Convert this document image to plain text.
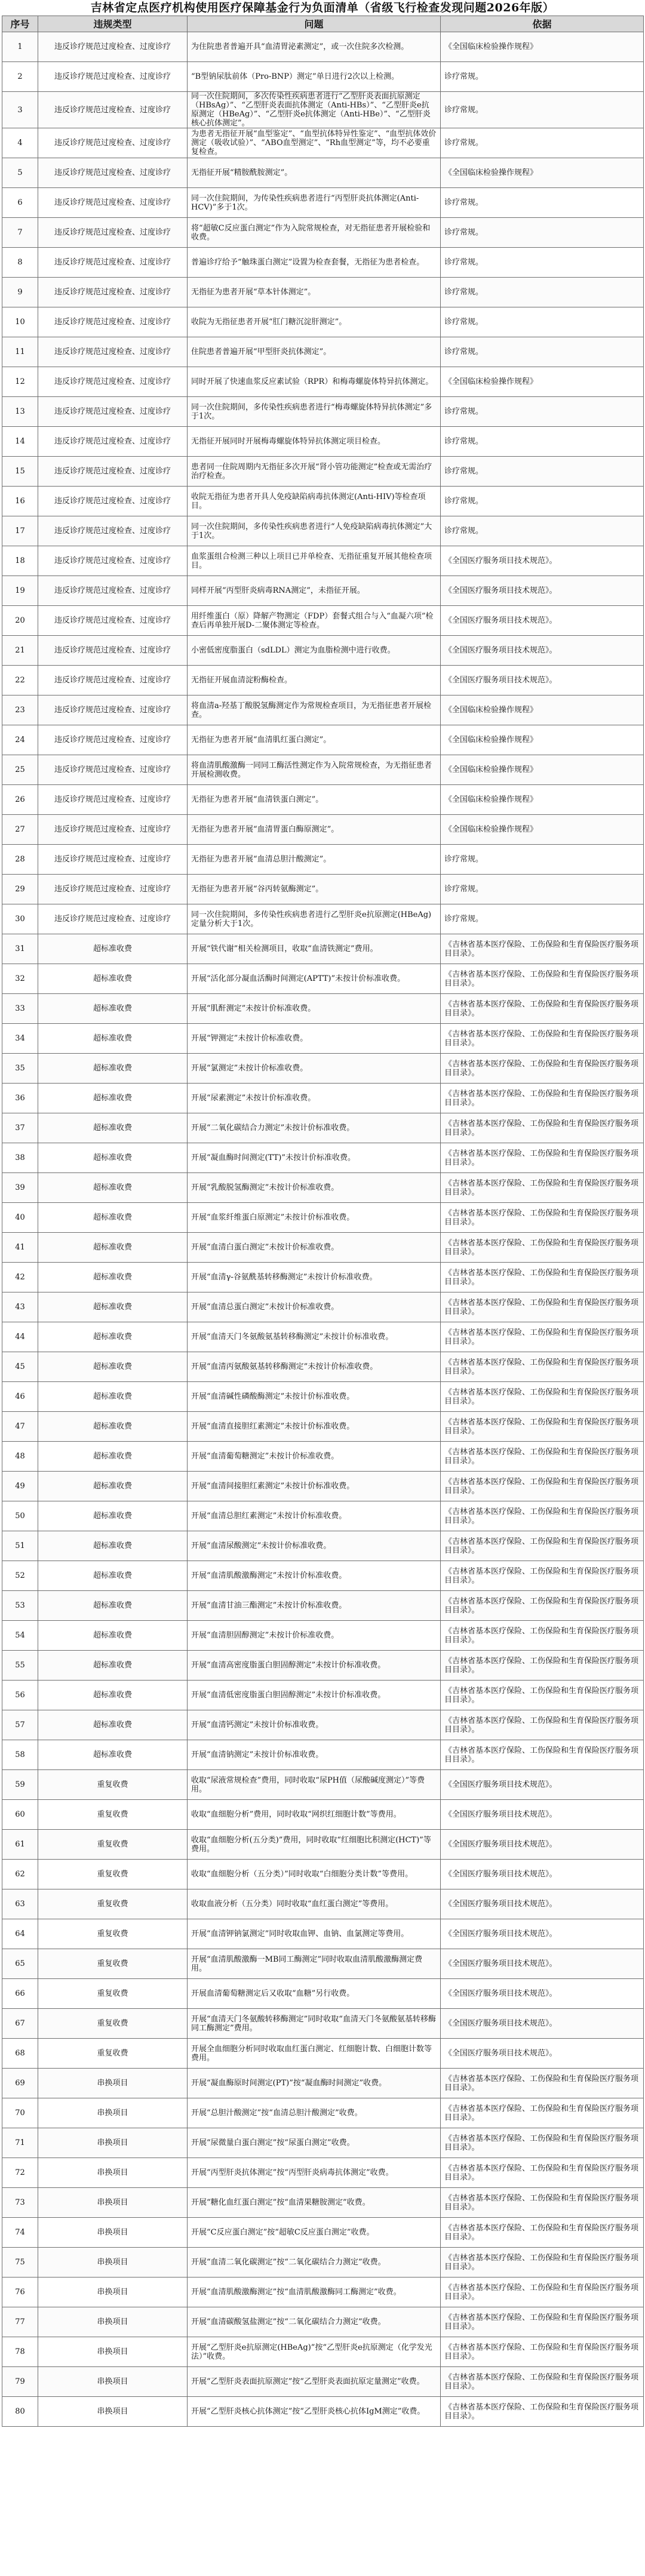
吉林省定点医疗机构使用医疗保障基金行为负面清单（省级飞行检查发现问题2026年版）
序号	违规类型	问题	依据
1	违反诊疗规范过度检查、过度诊疗	为住院患者普遍开具“血清胃泌素测定”，或一次住院多次检测。	《全国临床检验操作规程》
2	违反诊疗规范过度检查、过度诊疗	“B型钠尿肽前体（Pro-BNP）测定”单日进行2次以上检测。	诊疗常规。
3	违反诊疗规范过度检查、过度诊疗	同一次住院期间，多次传染性疾病患者进行“乙型肝炎表面抗原测定（HBsAg）”、“乙型肝炎表面抗体测定（Anti-HBs）”、“乙型肝炎e抗原测定（HBeAg）”、“乙型肝炎e抗体测定（Anti-HBe）”、“乙型肝炎核心抗体测定”。	诊疗常规。
4	违反诊疗规范过度检查、过度诊疗	为患者无指征开展“血型鉴定”、“血型抗体特异性鉴定”、“血型抗体效价测定（吸收试验）”、“ABO血型测定”、“Rh血型测定”等，均不必要重复检查。	诊疗常规。
5	违反诊疗规范过度检查、过度诊疗	无指征开展“精胺酰胺测定”。	《全国临床检验操作规程》
6	违反诊疗规范过度检查、过度诊疗	同一次住院期间，为传染性疾病患者进行“丙型肝炎抗体测定(Anti-HCV)”多于1次。	诊疗常规。
7	违反诊疗规范过度检查、过度诊疗	将“超敏C反应蛋白测定”作为入院常规检查，对无指征患者开展检验和收费。	诊疗常规。
8	违反诊疗规范过度检查、过度诊疗	普遍诊疗给予“触珠蛋白测定”设置为检查套餐，无指征为患者检查。	诊疗常规。
9	违反诊疗规范过度检查、过度诊疗	无指征为患者开展“草本针体测定”。	诊疗常规。
10	违反诊疗规范过度检查、过度诊疗	收院为无指征患者开展“肛门糖沉淀肝测定”。	诊疗常规。
11	违反诊疗规范过度检查、过度诊疗	住院患者普遍开展“甲型肝炎抗体测定”。	诊疗常规。
12	违反诊疗规范过度检查、过度诊疗	同时开展了快速血浆反应素试验（RPR）和梅毒螺旋体特异抗体测定。	《全国临床检验操作规程》
13	违反诊疗规范过度检查、过度诊疗	同一次住院期间，多传染性疾病患者进行“梅毒螺旋体特异抗体测定”多于1次。	诊疗常规。
14	违反诊疗规范过度检查、过度诊疗	无指征开展同时开展梅毒螺旋体特异抗体测定项目检查。	诊疗常规。
15	违反诊疗规范过度检查、过度诊疗	患者同一住院周期内无指征多次开展“肾小管功能测定”检查或无需治疗治疗检查。	诊疗常规。
16	违反诊疗规范过度检查、过度诊疗	收院无指征为患者开具人免疫缺陷病毒抗体测定(Anti-HIV)等检查项目。	诊疗常规。
17	违反诊疗规范过度检查、过度诊疗	同一次住院期间，多传染性疾病患者进行“人免疫缺陷病毒抗体测定”大于1次。	诊疗常规。
18	违反诊疗规范过度检查、过度诊疗	血浆蛋组合检测三种以上项目已并单检查、无指征重复开展其他检查项目。	《全国医疗服务项目技术规范》。
19	违反诊疗规范过度检查、过度诊疗	同样开展“丙型肝炎病毒RNA测定”，未指征开展。	《全国医疗服务项目技术规范》。
20	违反诊疗规范过度检查、过度诊疗	用纤维蛋白（原）降解产物测定（FDP）套餐式组合与入“血凝六项”检查后再单独开展D-二聚体测定等检查。	《全国医疗服务项目技术规范》。
21	违反诊疗规范过度检查、过度诊疗	小密低密度脂蛋白（sdLDL）测定为血脂检测中进行收费。	《全国医疗服务项目技术规范》。
22	违反诊疗规范过度检查、过度诊疗	无指征开展血清淀粉酶检查。	《全国医疗服务项目技术规范》。
23	违反诊疗规范过度检查、过度诊疗	将血清a-羟基丁酸脱氢酶测定作为常规检查项目，为无指征患者开展检查。	《全国临床检验操作规程》
24	违反诊疗规范过度检查、过度诊疗	无指征为患者开展“血清肌红蛋白测定”。	《全国临床检验操作规程》
25	违反诊疗规范过度检查、过度诊疗	将血清肌酸激酶一同同工酶活性测定作为入院常规检查，为无指征患者开展检测收费。	《全国临床检验操作规程》
26	违反诊疗规范过度检查、过度诊疗	无指征为患者开展“血清铁蛋白测定”。	《全国临床检验操作规程》
27	违反诊疗规范过度检查、过度诊疗	无指征为患者开展“血清胃蛋白酶原测定”。	《全国临床检验操作规程》
28	违反诊疗规范过度检查、过度诊疗	无指征为患者开展“血清总胆汁酸测定”。	诊疗常规。
29	违反诊疗规范过度检查、过度诊疗	无指征为患者开展“谷丙转氨酶测定”。	诊疗常规。
30	违反诊疗规范过度检查、过度诊疗	同一次住院期间，多传染性疾病患者进行乙型肝炎e抗原测定(HBeAg)定量分析大于1次。	诊疗常规。
31	超标准收费	开展“铁代谢”相关检测项目，收取“血清铁测定”费用。	《吉林省基本医疗保险、工伤保险和生育保险医疗服务项目目录》。
32	超标准收费	开展“活化部分凝血活酶时间测定(APTT)”未按计价标准收费。	《吉林省基本医疗保险、工伤保险和生育保险医疗服务项目目录》。
33	超标准收费	开展“肌酐测定”未按计价标准收费。	《吉林省基本医疗保险、工伤保险和生育保险医疗服务项目目录》。
34	超标准收费	开展“钾测定”未按计价标准收费。	《吉林省基本医疗保险、工伤保险和生育保险医疗服务项目目录》。
35	超标准收费	开展“氯测定”未按计价标准收费。	《吉林省基本医疗保险、工伤保险和生育保险医疗服务项目目录》。
36	超标准收费	开展“尿素测定”未按计价标准收费。	《吉林省基本医疗保险、工伤保险和生育保险医疗服务项目目录》。
37	超标准收费	开展“二氧化碳结合力测定”未按计价标准收费。	《吉林省基本医疗保险、工伤保险和生育保险医疗服务项目目录》。
38	超标准收费	开展“凝血酶时间测定(TT)”未按计价标准收费。	《吉林省基本医疗保险、工伤保险和生育保险医疗服务项目目录》。
39	超标准收费	开展“乳酸脱氢酶测定”未按计价标准收费。	《吉林省基本医疗保险、工伤保险和生育保险医疗服务项目目录》。
40	超标准收费	开展“血浆纤维蛋白原测定”未按计价标准收费。	《吉林省基本医疗保险、工伤保险和生育保险医疗服务项目目录》。
41	超标准收费	开展“血清白蛋白测定”未按计价标准收费。	《吉林省基本医疗保险、工伤保险和生育保险医疗服务项目目录》。
42	超标准收费	开展“血清γ-谷氨酰基转移酶测定”未按计价标准收费。	《吉林省基本医疗保险、工伤保险和生育保险医疗服务项目目录》。
43	超标准收费	开展“血清总蛋白测定”未按计价标准收费。	《吉林省基本医疗保险、工伤保险和生育保险医疗服务项目目录》。
44	超标准收费	开展“血清天门冬氨酸氨基转移酶测定”未按计价标准收费。	《吉林省基本医疗保险、工伤保险和生育保险医疗服务项目目录》。
45	超标准收费	开展“血清丙氨酸氨基转移酶测定”未按计价标准收费。	《吉林省基本医疗保险、工伤保险和生育保险医疗服务项目目录》。
46	超标准收费	开展“血清碱性磷酸酶测定”未按计价标准收费。	《吉林省基本医疗保险、工伤保险和生育保险医疗服务项目目录》。
47	超标准收费	开展“血清直接胆红素测定”未按计价标准收费。	《吉林省基本医疗保险、工伤保险和生育保险医疗服务项目目录》。
48	超标准收费	开展“血清葡萄糖测定”未按计价标准收费。	《吉林省基本医疗保险、工伤保险和生育保险医疗服务项目目录》。
49	超标准收费	开展“血清间接胆红素测定”未按计价标准收费。	《吉林省基本医疗保险、工伤保险和生育保险医疗服务项目目录》。
50	超标准收费	开展“血清总胆红素测定”未按计价标准收费。	《吉林省基本医疗保险、工伤保险和生育保险医疗服务项目目录》。
51	超标准收费	开展“血清尿酸测定”未按计价标准收费。	《吉林省基本医疗保险、工伤保险和生育保险医疗服务项目目录》。
52	超标准收费	开展“血清肌酸激酶测定”未按计价标准收费。	《吉林省基本医疗保险、工伤保险和生育保险医疗服务项目目录》。
53	超标准收费	开展“血清甘油三酯测定”未按计价标准收费。	《吉林省基本医疗保险、工伤保险和生育保险医疗服务项目目录》。
54	超标准收费	开展“血清胆固醇测定”未按计价标准收费。	《吉林省基本医疗保险、工伤保险和生育保险医疗服务项目目录》。
55	超标准收费	开展“血清高密度脂蛋白胆固醇测定”未按计价标准收费。	《吉林省基本医疗保险、工伤保险和生育保险医疗服务项目目录》。
56	超标准收费	开展“血清低密度脂蛋白胆固醇测定”未按计价标准收费。	《吉林省基本医疗保险、工伤保险和生育保险医疗服务项目目录》。
57	超标准收费	开展“血清钙测定”未按计价标准收费。	《吉林省基本医疗保险、工伤保险和生育保险医疗服务项目目录》。
58	超标准收费	开展“血清钠测定”未按计价标准收费。	《吉林省基本医疗保险、工伤保险和生育保险医疗服务项目目录》。
59	重复收费	收取“尿液常规检查”费用，同时收取“尿PH值（尿酸碱度测定）”等费用。	《全国医疗服务项目技术规范》。
60	重复收费	收取“血细胞分析”费用，同时收取“网织红细胞计数”等费用。	《全国医疗服务项目技术规范》。
61	重复收费	收取“血细胞分析(五分类)”费用，同时收取“红细胞比积测定(HCT)”等费用。	《全国医疗服务项目技术规范》。
62	重复收费	收取“血细胞分析（五分类）”同时收取“白细胞分类计数”等费用。	《全国医疗服务项目技术规范》。
63	重复收费	收取血液分析（五分类）同时收取“血红蛋白测定”等费用。	《全国医疗服务项目技术规范》。
64	重复收费	开展“血清钾钠氯测定”同时收取血钾、血钠、血氯测定等费用。	《全国医疗服务项目技术规范》。
65	重复收费	开展“血清肌酸激酶一MB同工酶测定”同时收取血清肌酸激酶测定费用。	《全国医疗服务项目技术规范》。
66	重复收费	开展血清葡萄糖测定后又收取“血糖”另行收费。	《全国医疗服务项目技术规范》。
67	重复收费	开展“血清天门冬氨酸转移酶测定”同时收取“血清天门冬氨酸氨基转移酶同工酶测定”费用。	《全国医疗服务项目技术规范》。
68	重复收费	开展全血细胞分析同时收取血红蛋白测定、红细胞计数、白细胞计数等费用。	《全国医疗服务项目技术规范》。
69	串换项目	开展“凝血酶原时间测定(PT)”按“凝血酶时间测定”收费。	《吉林省基本医疗保险、工伤保险和生育保险医疗服务项目目录》。
70	串换项目	开展“总胆汁酸测定”按“血清总胆汁酸测定”收费。	《吉林省基本医疗保险、工伤保险和生育保险医疗服务项目目录》。
71	串换项目	开展“尿微量白蛋白测定”按“尿蛋白测定”收费。	《吉林省基本医疗保险、工伤保险和生育保险医疗服务项目目录》。
72	串换项目	开展“丙型肝炎抗体测定”按“丙型肝炎病毒抗体测定”收费。	《吉林省基本医疗保险、工伤保险和生育保险医疗服务项目目录》。
73	串换项目	开展“糖化血红蛋白测定”按“血清果糖胺测定”收费。	《吉林省基本医疗保险、工伤保险和生育保险医疗服务项目目录》。
74	串换项目	开展“C反应蛋白测定”按“超敏C反应蛋白测定”收费。	《吉林省基本医疗保险、工伤保险和生育保险医疗服务项目目录》。
75	串换项目	开展“血清二氧化碳测定”按“二氧化碳结合力测定”收费。	《吉林省基本医疗保险、工伤保险和生育保险医疗服务项目目录》。
76	串换项目	开展“血清肌酸激酶测定”按“血清肌酸激酶同工酶测定”收费。	《吉林省基本医疗保险、工伤保险和生育保险医疗服务项目目录》。
77	串换项目	开展“血清碳酸氢盐测定”按“二氧化碳结合力测定”收费。	《吉林省基本医疗保险、工伤保险和生育保险医疗服务项目目录》。
78	串换项目	开展“乙型肝炎e抗原测定(HBeAg)”按“乙型肝炎e抗原测定（化学发光法）”收费。	《吉林省基本医疗保险、工伤保险和生育保险医疗服务项目目录》。
79	串换项目	开展“乙型肝炎表面抗原测定”按“乙型肝炎表面抗原定量测定”收费。	《吉林省基本医疗保险、工伤保险和生育保险医疗服务项目目录》。
80	串换项目	开展“乙型肝炎核心抗体测定”按“乙型肝炎核心抗体IgM测定”收费。	《吉林省基本医疗保险、工伤保险和生育保险医疗服务项目目录》。
